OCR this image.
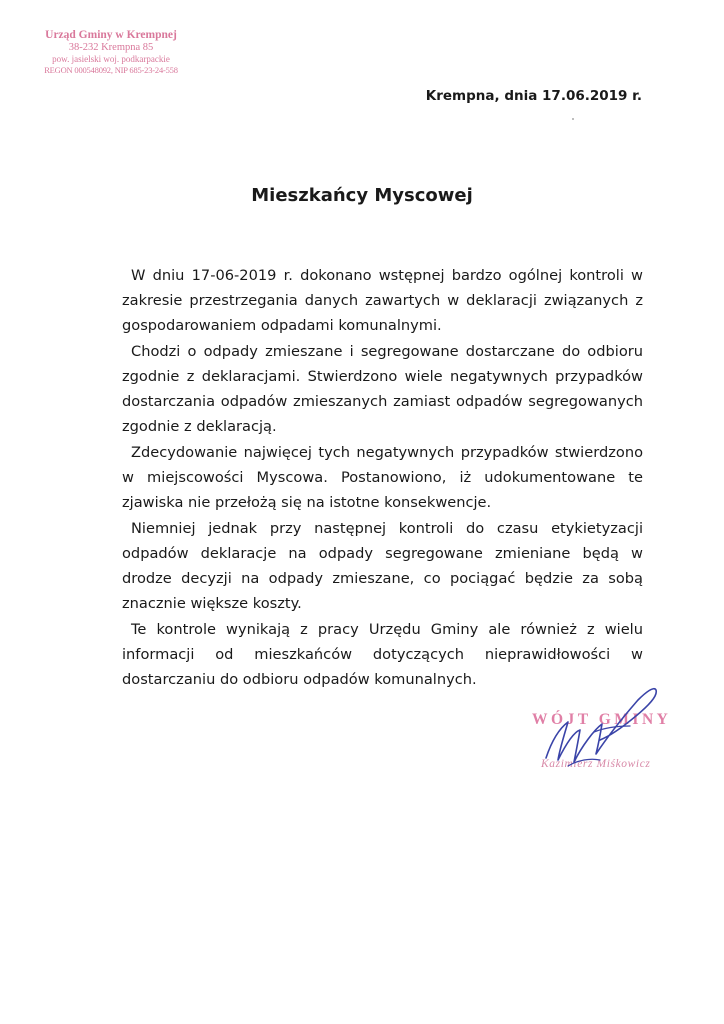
Urząd Gminy w Krempnej
38-232 Krempna 85
pow. jasielski woj. podkarpackie
REGON 000548092, NIP 685-23-24-558
Krempna, dnia 17.06.2019 r.
Mieszkańcy Myscowej

W dniu 17-06-2019 r. dokonano wstępnej bardzo ogólnej kontroli w zakresie przestrzegania danych zawartych w deklaracji związanych z gospodarowaniem odpadami komunalnymi.

Chodzi o odpady zmieszane i segregowane dostarczane do odbioru zgodnie z deklaracjami. Stwierdzono wiele negatywnych przypadków dostarczania odpadów zmieszanych zamiast odpadów segregowanych zgodnie z deklaracją.

Zdecydowanie najwięcej tych negatywnych przypadków stwierdzono w miejscowości Myscowa. Postanowiono, iż udokumentowane te zjawiska nie przełożą się na istotne konsekwencje.

Niemniej jednak przy następnej kontroli do czasu etykietyzacji odpadów deklaracje na odpady segregowane zmieniane będą w drodze decyzji na odpady zmieszane, co pociągać będzie za sobą znacznie większe koszty.

Te kontrole wynikają z pracy Urzędu Gminy ale również z wielu informacji od mieszkańców dotyczących nieprawidłowości w dostarczaniu do odbioru odpadów komunalnych.

WÓJT GMINY
Kazimierz Miśkowicz
